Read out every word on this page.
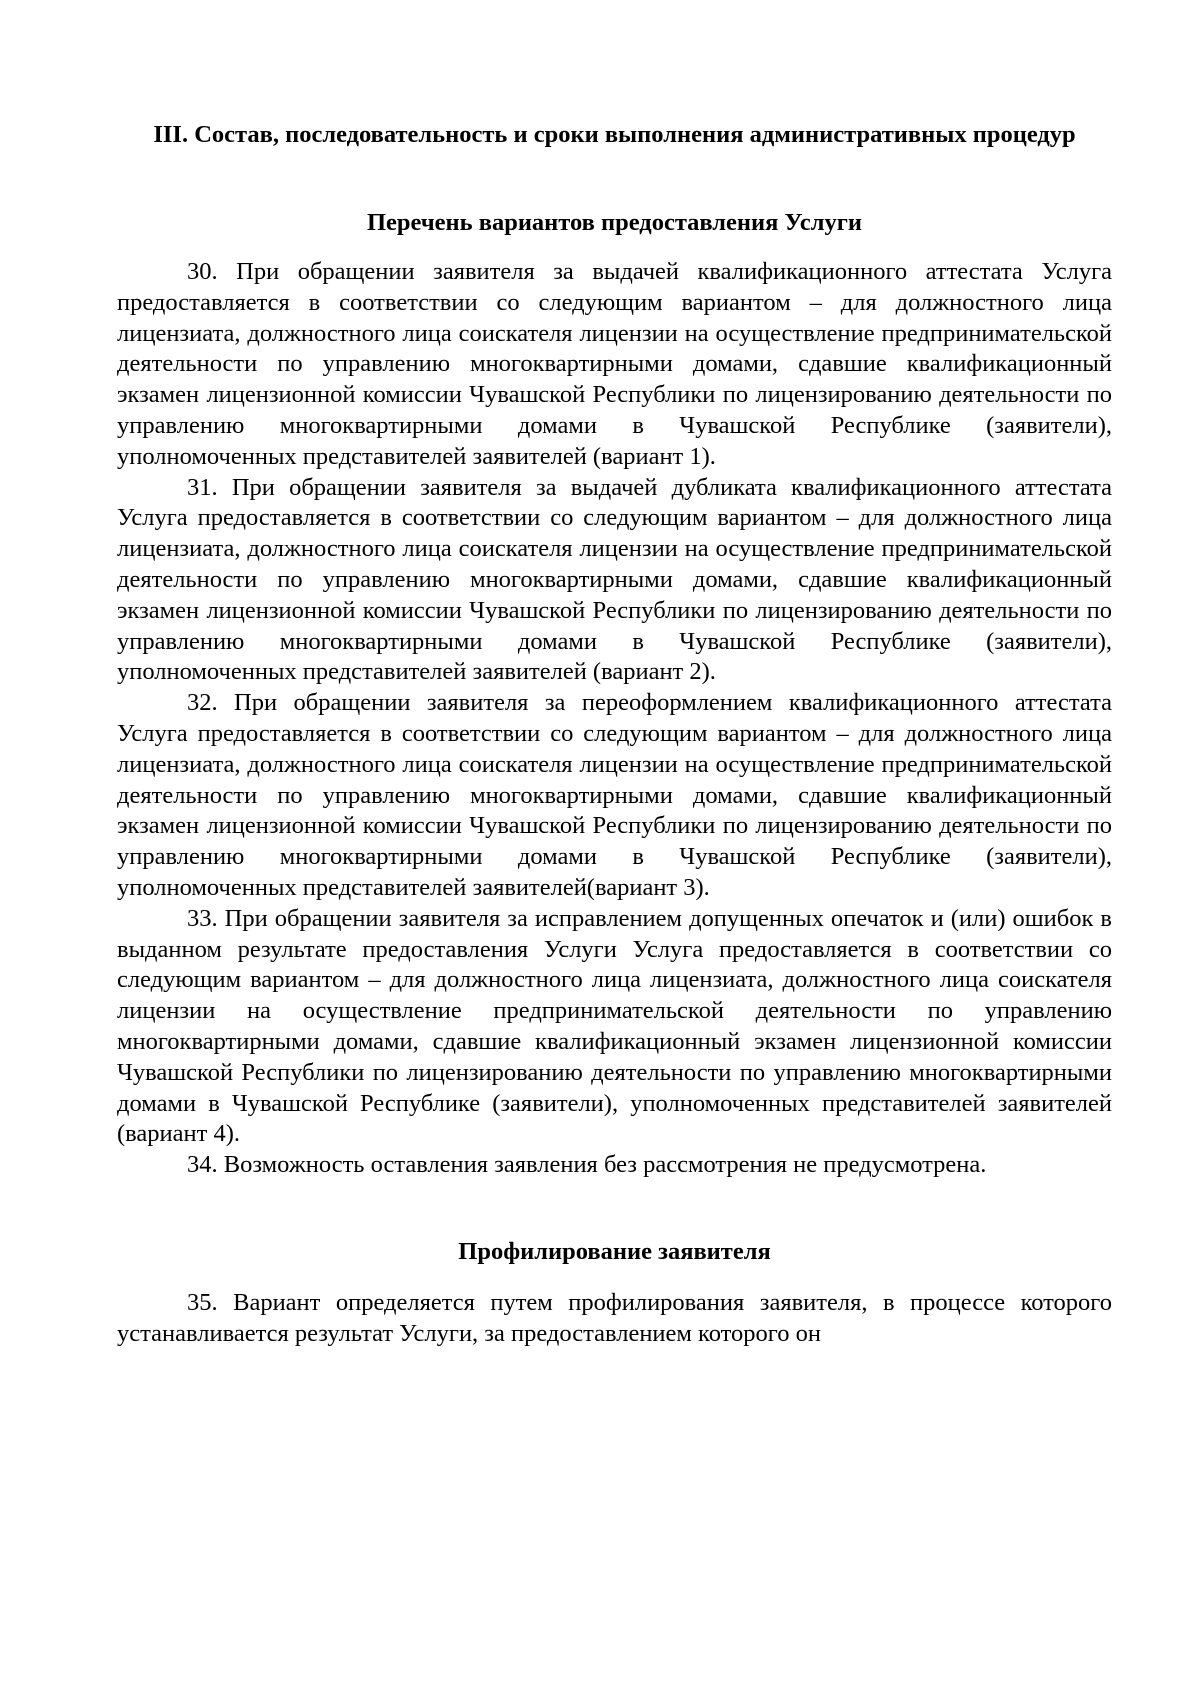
III. Состав, последовательность и сроки выполнения административных процедур
Перечень вариантов предоставления Услуги

30. При обращении заявителя за выдачей квалификационного аттестата Услуга предоставляется в соответствии со следующим вариантом – для должностного лица лицензиата, должностного лица соискателя лицензии на осуществление предпринимательской деятельности по управлению многоквартирными домами, сдавшие квалификационный экзамен лицензионной комиссии Чувашской Республики по лицензированию деятельности по управлению многоквартирными домами в Чувашской Республике (заявители), уполномоченных представителей заявителей (вариант 1).

31. При обращении заявителя за выдачей дубликата квалификационного аттестата Услуга предоставляется в соответствии со следующим вариантом – для должностного лица лицензиата, должностного лица соискателя лицензии на осуществление предпринимательской деятельности по управлению многоквартирными домами, сдавшие квалификационный экзамен лицензионной комиссии Чувашской Республики по лицензированию деятельности по управлению многоквартирными домами в Чувашской Республике (заявители), уполномоченных представителей заявителей (вариант 2).

32. При обращении заявителя за переоформлением квалификационного аттестата Услуга предоставляется в соответствии со следующим вариантом – для должностного лица лицензиата, должностного лица соискателя лицензии на осуществление предпринимательской деятельности по управлению многоквартирными домами, сдавшие квалификационный экзамен лицензионной комиссии Чувашской Республики по лицензированию деятельности по управлению многоквартирными домами в Чувашской Республике (заявители), уполномоченных представителей заявителей(вариант 3).

33. При обращении заявителя за исправлением допущенных опечаток и (или) ошибок в выданном результате предоставления Услуги Услуга предоставляется в соответствии со следующим вариантом – для должностного лица лицензиата, должностного лица соискателя лицензии на осуществление предпринимательской деятельности по управлению многоквартирными домами, сдавшие квалификационный экзамен лицензионной комиссии Чувашской Республики по лицензированию деятельности по управлению многоквартирными домами в Чувашской Республике (заявители), уполномоченных представителей заявителей (вариант 4).

34. Возможность оставления заявления без рассмотрения не предусмотрена.

Профилирование заявителя

35. Вариант определяется путем профилирования заявителя, в процессе которого устанавливается результат Услуги, за предоставлением которого он
